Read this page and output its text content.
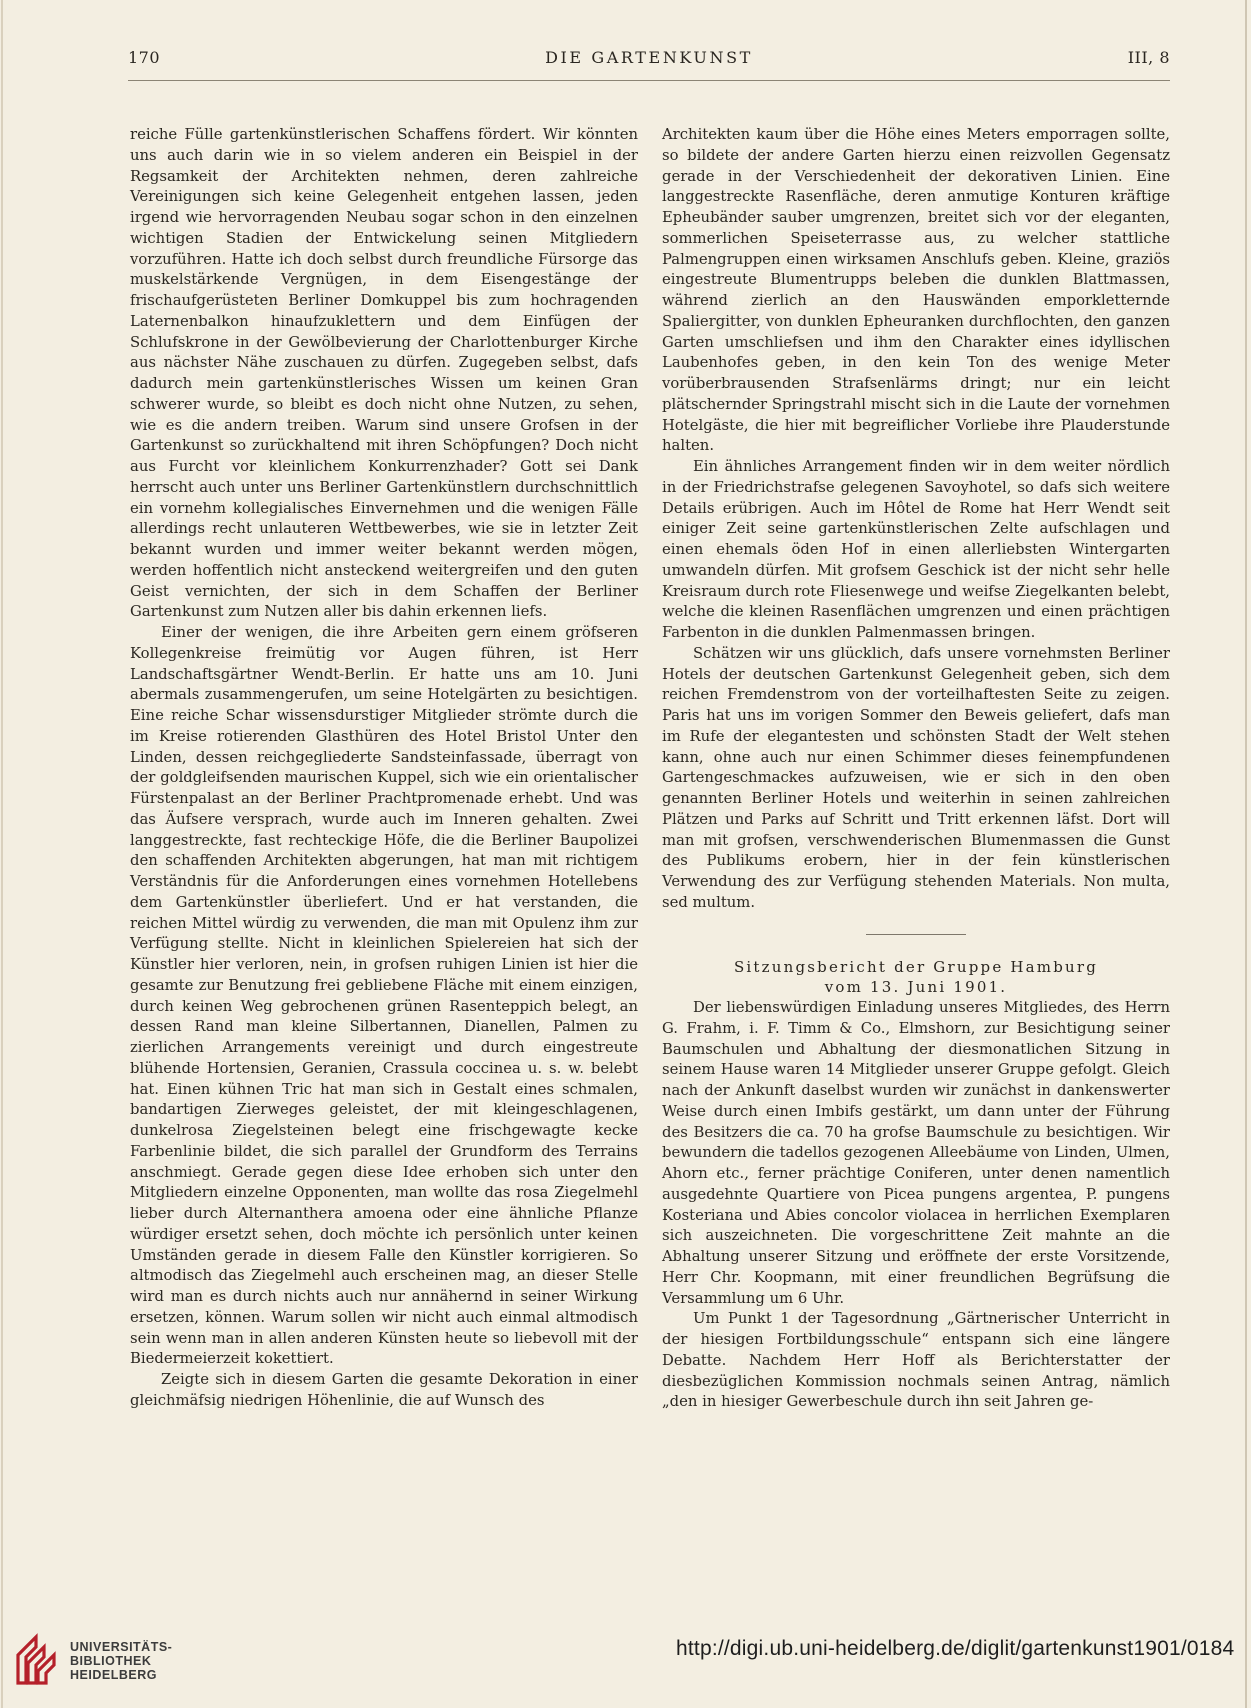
170	DIE GARTENKUNST	III, 8

reiche Fülle gartenkünstlerischen Schaffens fördert. Wir könnten uns auch darin wie in so vielem anderen ein Beispiel in der Regsamkeit der Architekten nehmen, deren zahlreiche Vereinigungen sich keine Gelegenheit entgehen lassen, jeden irgend wie hervorragenden Neubau sogar schon in den einzelnen wichtigen Stadien der Entwickelung seinen Mitgliedern vorzuführen. Hatte ich doch selbst durch freundliche Fürsorge das muskelstärkende Vergnügen, in dem Eisengestänge der frischaufgerüsteten Berliner Domkuppel bis zum hochragenden Laternenbalkon hinaufzuklettern und dem Einfügen der Schlufskrone in der Gewölbevierung der Charlottenburger Kirche aus nächster Nähe zuschauen zu dürfen. Zugegeben selbst, dafs dadurch mein gartenkünstlerisches Wissen um keinen Gran schwerer wurde, so bleibt es doch nicht ohne Nutzen, zu sehen, wie es die andern treiben. Warum sind unsere Grofsen in der Gartenkunst so zurückhaltend mit ihren Schöpfungen? Doch nicht aus Furcht vor kleinlichem Konkurrenzhader? Gott sei Dank herrscht auch unter uns Berliner Gartenkünstlern durchschnittlich ein vornehm kollegialisches Einvernehmen und die wenigen Fälle allerdings recht unlauteren Wettbewerbes, wie sie in letzter Zeit bekannt wurden und immer weiter bekannt werden mögen, werden hoffentlich nicht ansteckend weitergreifen und den guten Geist vernichten, der sich in dem Schaffen der Berliner Gartenkunst zum Nutzen aller bis dahin erkennen liefs.

Einer der wenigen, die ihre Arbeiten gern einem gröfseren Kollegenkreise freimütig vor Augen führen, ist Herr Landschaftsgärtner Wendt-Berlin. Er hatte uns am 10. Juni abermals zusammengerufen, um seine Hotelgärten zu besichtigen. Eine reiche Schar wissensdurstiger Mitglieder strömte durch die im Kreise rotierenden Glasthüren des Hotel Bristol Unter den Linden, dessen reichgegliederte Sandsteinfassade, überragt von der goldgleifsenden maurischen Kuppel, sich wie ein orientalischer Fürstenpalast an der Berliner Prachtpromenade erhebt. Und was das Äufsere versprach, wurde auch im Inneren gehalten. Zwei langgestreckte, fast rechteckige Höfe, die die Berliner Baupolizei den schaffenden Architekten abgerungen, hat man mit richtigem Verständnis für die Anforderungen eines vornehmen Hotellebens dem Gartenkünstler überliefert. Und er hat verstanden, die reichen Mittel würdig zu verwenden, die man mit Opulenz ihm zur Verfügung stellte. Nicht in kleinlichen Spielereien hat sich der Künstler hier verloren, nein, in grofsen ruhigen Linien ist hier die gesamte zur Benutzung frei gebliebene Fläche mit einem einzigen, durch keinen Weg gebrochenen grünen Rasenteppich belegt, an dessen Rand man kleine Silbertannen, Dianellen, Palmen zu zierlichen Arrangements vereinigt und durch eingestreute blühende Hortensien, Geranien, Crassula coccinea u. s. w. belebt hat. Einen kühnen Tric hat man sich in Gestalt eines schmalen, bandartigen Zierweges geleistet, der mit kleingeschlagenen, dunkelrosa Ziegelsteinen belegt eine frischgewagte kecke Farbenlinie bildet, die sich parallel der Grundform des Terrains anschmiegt. Gerade gegen diese Idee erhoben sich unter den Mitgliedern einzelne Opponenten, man wollte das rosa Ziegelmehl lieber durch Alternanthera amoena oder eine ähnliche Pflanze würdiger ersetzt sehen, doch möchte ich persönlich unter keinen Umständen gerade in diesem Falle den Künstler korrigieren. So altmodisch das Ziegelmehl auch erscheinen mag, an dieser Stelle wird man es durch nichts auch nur annähernd in seiner Wirkung ersetzen, können. Warum sollen wir nicht auch einmal altmodisch sein wenn man in allen anderen Künsten heute so liebevoll mit der Biedermeierzeit kokettiert.

Zeigte sich in diesem Garten die gesamte Dekoration in einer gleichmäfsig niedrigen Höhenlinie, die auf Wunsch des

Architekten kaum über die Höhe eines Meters emporragen sollte, so bildete der andere Garten hierzu einen reizvollen Gegensatz gerade in der Verschiedenheit der dekorativen Linien. Eine langgestreckte Rasenfläche, deren anmutige Konturen kräftige Epheubänder sauber umgrenzen, breitet sich vor der eleganten, sommerlichen Speiseterrasse aus, zu welcher stattliche Palmengruppen einen wirksamen Anschlufs geben. Kleine, graziös eingestreute Blumentrupps beleben die dunklen Blattmassen, während zierlich an den Hauswänden emporkletternde Spaliergitter, von dunklen Epheuranken durchflochten, den ganzen Garten umschliefsen und ihm den Charakter eines idyllischen Laubenhofes geben, in den kein Ton des wenige Meter vorüberbrausenden Strafsenlärms dringt; nur ein leicht plätschernder Springstrahl mischt sich in die Laute der vornehmen Hotelgäste, die hier mit begreiflicher Vorliebe ihre Plauderstunde halten.

Ein ähnliches Arrangement finden wir in dem weiter nördlich in der Friedrichstrafse gelegenen Savoyhotel, so dafs sich weitere Details erübrigen. Auch im Hôtel de Rome hat Herr Wendt seit einiger Zeit seine gartenkünstlerischen Zelte aufschlagen und einen ehemals öden Hof in einen allerliebsten Wintergarten umwandeln dürfen. Mit grofsem Geschick ist der nicht sehr helle Kreisraum durch rote Fliesenwege und weifse Ziegelkanten belebt, welche die kleinen Rasenflächen umgrenzen und einen prächtigen Farbenton in die dunklen Palmenmassen bringen.

Schätzen wir uns glücklich, dafs unsere vornehmsten Berliner Hotels der deutschen Gartenkunst Gelegenheit geben, sich dem reichen Fremdenstrom von der vorteilhaftesten Seite zu zeigen. Paris hat uns im vorigen Sommer den Beweis geliefert, dafs man im Rufe der elegantesten und schönsten Stadt der Welt stehen kann, ohne auch nur einen Schimmer dieses feinempfundenen Gartengeschmackes aufzuweisen, wie er sich in den oben genannten Berliner Hotels und weiterhin in seinen zahlreichen Plätzen und Parks auf Schritt und Tritt erkennen läfst. Dort will man mit grofsen, verschwenderischen Blumenmassen die Gunst des Publikums erobern, hier in der fein künstlerischen Verwendung des zur Verfügung stehenden Materials. Non multa, sed multum.

Sitzungsbericht der Gruppe Hamburg

vom 13. Juni 1901.

Der liebenswürdigen Einladung unseres Mitgliedes, des Herrn G. Frahm, i. F. Timm & Co., Elmshorn, zur Besichtigung seiner Baumschulen und Abhaltung der diesmonatlichen Sitzung in seinem Hause waren 14 Mitglieder unserer Gruppe gefolgt. Gleich nach der Ankunft daselbst wurden wir zunächst in dankenswerter Weise durch einen Imbifs gestärkt, um dann unter der Führung des Besitzers die ca. 70 ha grofse Baumschule zu besichtigen. Wir bewundern die tadellos gezogenen Alleebäume von Linden, Ulmen, Ahorn etc., ferner prächtige Coniferen, unter denen namentlich ausgedehnte Quartiere von Picea pungens argentea, P. pungens Kosteriana und Abies concolor violacea in herrlichen Exemplaren sich auszeichneten. Die vorgeschrittene Zeit mahnte an die Abhaltung unserer Sitzung und eröffnete der erste Vorsitzende, Herr Chr. Koopmann, mit einer freundlichen Begrüfsung die Versammlung um 6 Uhr.

Um Punkt 1 der Tagesordnung „Gärtnerischer Unterricht in der hiesigen Fortbildungsschule“ entspann sich eine längere Debatte. Nachdem Herr Hoff als Berichterstatter der diesbezüglichen Kommission nochmals seinen Antrag, nämlich „den in hiesiger Gewerbeschule durch ihn seit Jahren ge-

UNIVERSITÄTS-
BIBLIOTHEK
HEIDELBERG
http://digi.ub.uni-heidelberg.de/diglit/gartenkunst1901/0184
